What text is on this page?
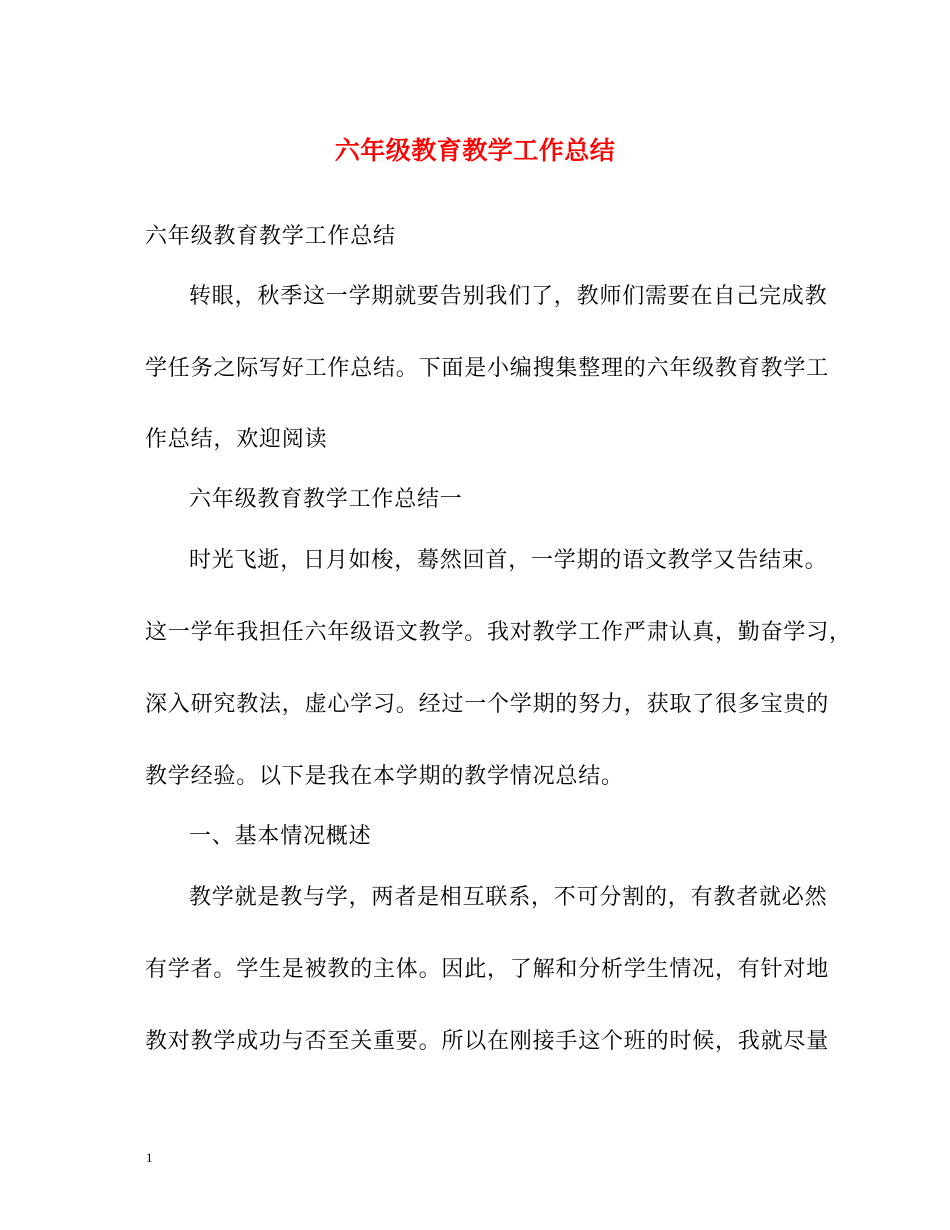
六年级教育教学工作总结
六年级教育教学工作总结
转眼，秋季这一学期就要告别我们了，教师们需要在自己完成教
学任务之际写好工作总结。下面是小编搜集整理的六年级教育教学工
作总结，欢迎阅读
六年级教育教学工作总结一
时光飞逝，日月如梭，蓦然回首，一学期的语文教学又告结束。
这一学年我担任六年级语文教学。我对教学工作严肃认真，勤奋学习，
深入研究教法，虚心学习。经过一个学期的努力，获取了很多宝贵的
教学经验。以下是我在本学期的教学情况总结。
一、基本情况概述
教学就是教与学，两者是相互联系，不可分割的，有教者就必然
有学者。学生是被教的主体。因此，了解和分析学生情况，有针对地
教对教学成功与否至关重要。所以在刚接手这个班的时候，我就尽量
1
